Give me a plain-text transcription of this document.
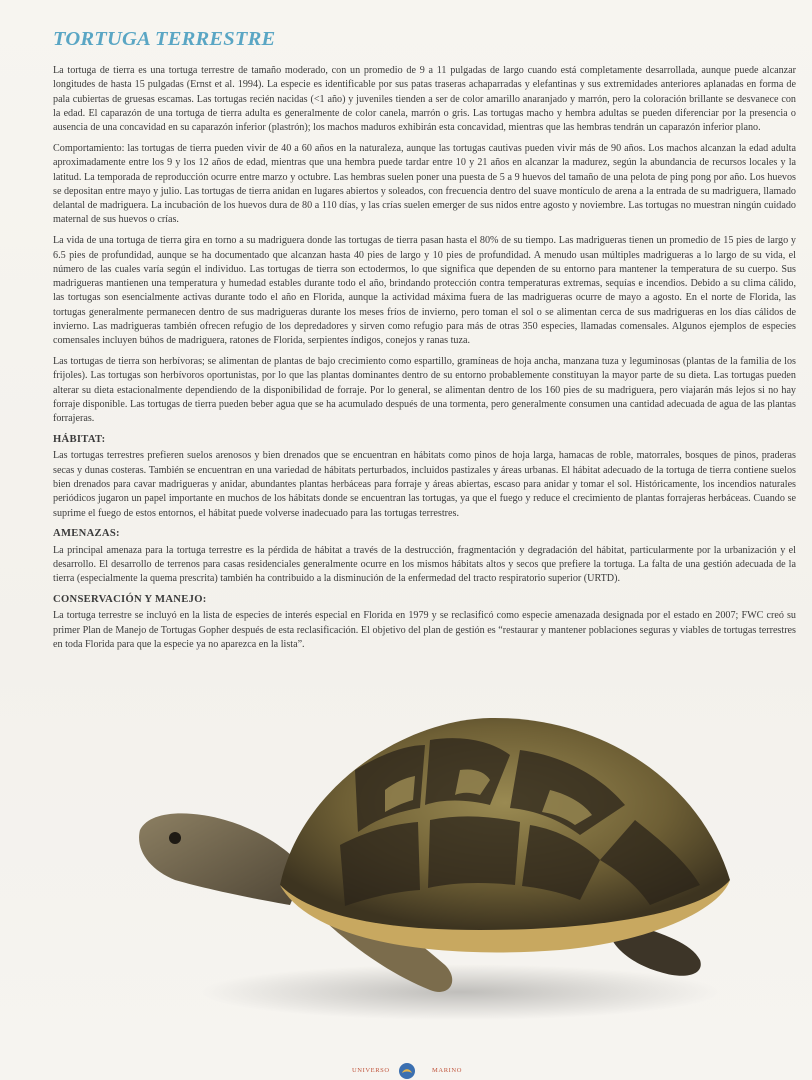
TORTUGA TERRESTRE

La tortuga de tierra es una tortuga terrestre de tamaño moderado, con un promedio de 9 a 11 pulgadas de largo cuando está completamente desarrollada, aunque puede alcanzar longitudes de hasta 15 pulgadas (Ernst et al. 1994). La especie es identificable por sus patas traseras achaparradas y elefantinas y sus extremidades anteriores aplanadas en forma de pala cubiertas de gruesas escamas. Las tortugas recién nacidas (<1 año) y juveniles tienden a ser de color amarillo anaranjado y marrón, pero la coloración brillante se desvanece con la edad. El caparazón de una tortuga de tierra adulta es generalmente de color canela, marrón o gris. Las tortugas macho y hembra adultas se pueden diferenciar por la presencia o ausencia de una concavidad en su caparazón inferior (plastrón); los machos maduros exhibirán esta concavidad, mientras que las hembras tendrán un caparazón inferior plano.

Comportamiento: las tortugas de tierra pueden vivir de 40 a 60 años en la naturaleza, aunque las tortugas cautivas pueden vivir más de 90 años. Los machos alcanzan la edad adulta aproximadamente entre los 9 y los 12 años de edad, mientras que una hembra puede tardar entre 10 y 21 años en alcanzar la madurez, según la abundancia de recursos locales y la latitud. La temporada de reproducción ocurre entre marzo y octubre. Las hembras suelen poner una puesta de 5 a 9 huevos del tamaño de una pelota de ping pong por año. Los huevos se depositan entre mayo y julio. Las tortugas de tierra anidan en lugares abiertos y soleados, con frecuencia dentro del suave montículo de arena a la entrada de su madriguera, llamado delantal de madriguera. La incubación de los huevos dura de 80 a 110 días, y las crías suelen emerger de sus nidos entre agosto y noviembre. Las tortugas no muestran ningún cuidado maternal de sus huevos o crías.

La vida de una tortuga de tierra gira en torno a su madriguera donde las tortugas de tierra pasan hasta el 80% de su tiempo. Las madrigueras tienen un promedio de 15 pies de largo y 6.5 pies de profundidad, aunque se ha documentado que alcanzan hasta 40 pies de largo y 10 pies de profundidad. A menudo usan múltiples madrigueras a lo largo de su vida, el número de las cuales varía según el individuo. Las tortugas de tierra son ectodermos, lo que significa que dependen de su entorno para mantener la temperatura de su cuerpo. Sus madrigueras mantienen una temperatura y humedad estables durante todo el año, brindando protección contra temperaturas extremas, sequías e incendios. Debido a su clima cálido, las tortugas son esencialmente activas durante todo el año en Florida, aunque la actividad máxima fuera de las madrigueras ocurre de mayo a agosto. En el norte de Florida, las tortugas generalmente permanecen dentro de sus madrigueras durante los meses fríos de invierno, pero toman el sol o se alimentan cerca de sus madrigueras en los días cálidos de invierno. Las madrigueras también ofrecen refugio de los depredadores y sirven como refugio para más de otras 350 especies, llamadas comensales. Algunos ejemplos de especies comensales incluyen búhos de madriguera, ratones de Florida, serpientes índigos, conejos y ranas tuza.

Las tortugas de tierra son herbívoras; se alimentan de plantas de bajo crecimiento como espartillo, gramíneas de hoja ancha, manzana tuza y leguminosas (plantas de la familia de los frijoles). Las tortugas son herbívoros oportunistas, por lo que las plantas dominantes dentro de su entorno probablemente constituyan la mayor parte de su dieta. Las tortugas pueden alterar su dieta estacionalmente dependiendo de la disponibilidad de forraje. Por lo general, se alimentan dentro de los 160 pies de su madriguera, pero viajarán más lejos si no hay forraje disponible. Las tortugas de tierra pueden beber agua que se ha acumulado después de una tormenta, pero generalmente consumen una cantidad adecuada de agua de las plantas forrajeras.

HÁBITAT:

Las tortugas terrestres prefieren suelos arenosos y bien drenados que se encuentran en hábitats como pinos de hoja larga, hamacas de roble, matorrales, bosques de pinos, praderas secas y dunas costeras. También se encuentran en una variedad de hábitats perturbados, incluidos pastizales y áreas urbanas. El hábitat adecuado de la tortuga de tierra contiene suelos bien drenados para cavar madrigueras y anidar, abundantes plantas herbáceas para forraje y áreas abiertas, escaso para anidar y tomar el sol. Históricamente, los incendios naturales periódicos jugaron un papel importante en muchos de los hábitats donde se encuentran las tortugas, ya que el fuego y reduce el crecimiento de plantas forrajeras herbáceas. Cuando se suprime el fuego de estos entornos, el hábitat puede volverse inadecuado para las tortugas terrestres.

AMENAZAS:

La principal amenaza para la tortuga terrestre es la pérdida de hábitat a través de la destrucción, fragmentación y degradación del hábitat, particularmente por la urbanización y el desarrollo. El desarrollo de terrenos para casas residenciales generalmente ocurre en los mismos hábitats altos y secos que prefiere la tortuga. La falta de una gestión adecuada de la tierra (especialmente la quema prescrita) también ha contribuido a la disminución de la enfermedad del tracto respiratorio superior (URTD).

CONSERVACIÓN Y MANEJO:

La tortuga terrestre se incluyó en la lista de especies de interés especial en Florida en 1979 y se reclasificó como especie amenazada designada por el estado en 2007; FWC creó su primer Plan de Manejo de Tortugas Gopher después de esta reclasificación. El objetivo del plan de gestión es “restaurar y mantener poblaciones seguras y viables de tortugas terrestres en toda Florida para que la especie ya no aparezca en la lista”.

UNIVERSO	MARINO
